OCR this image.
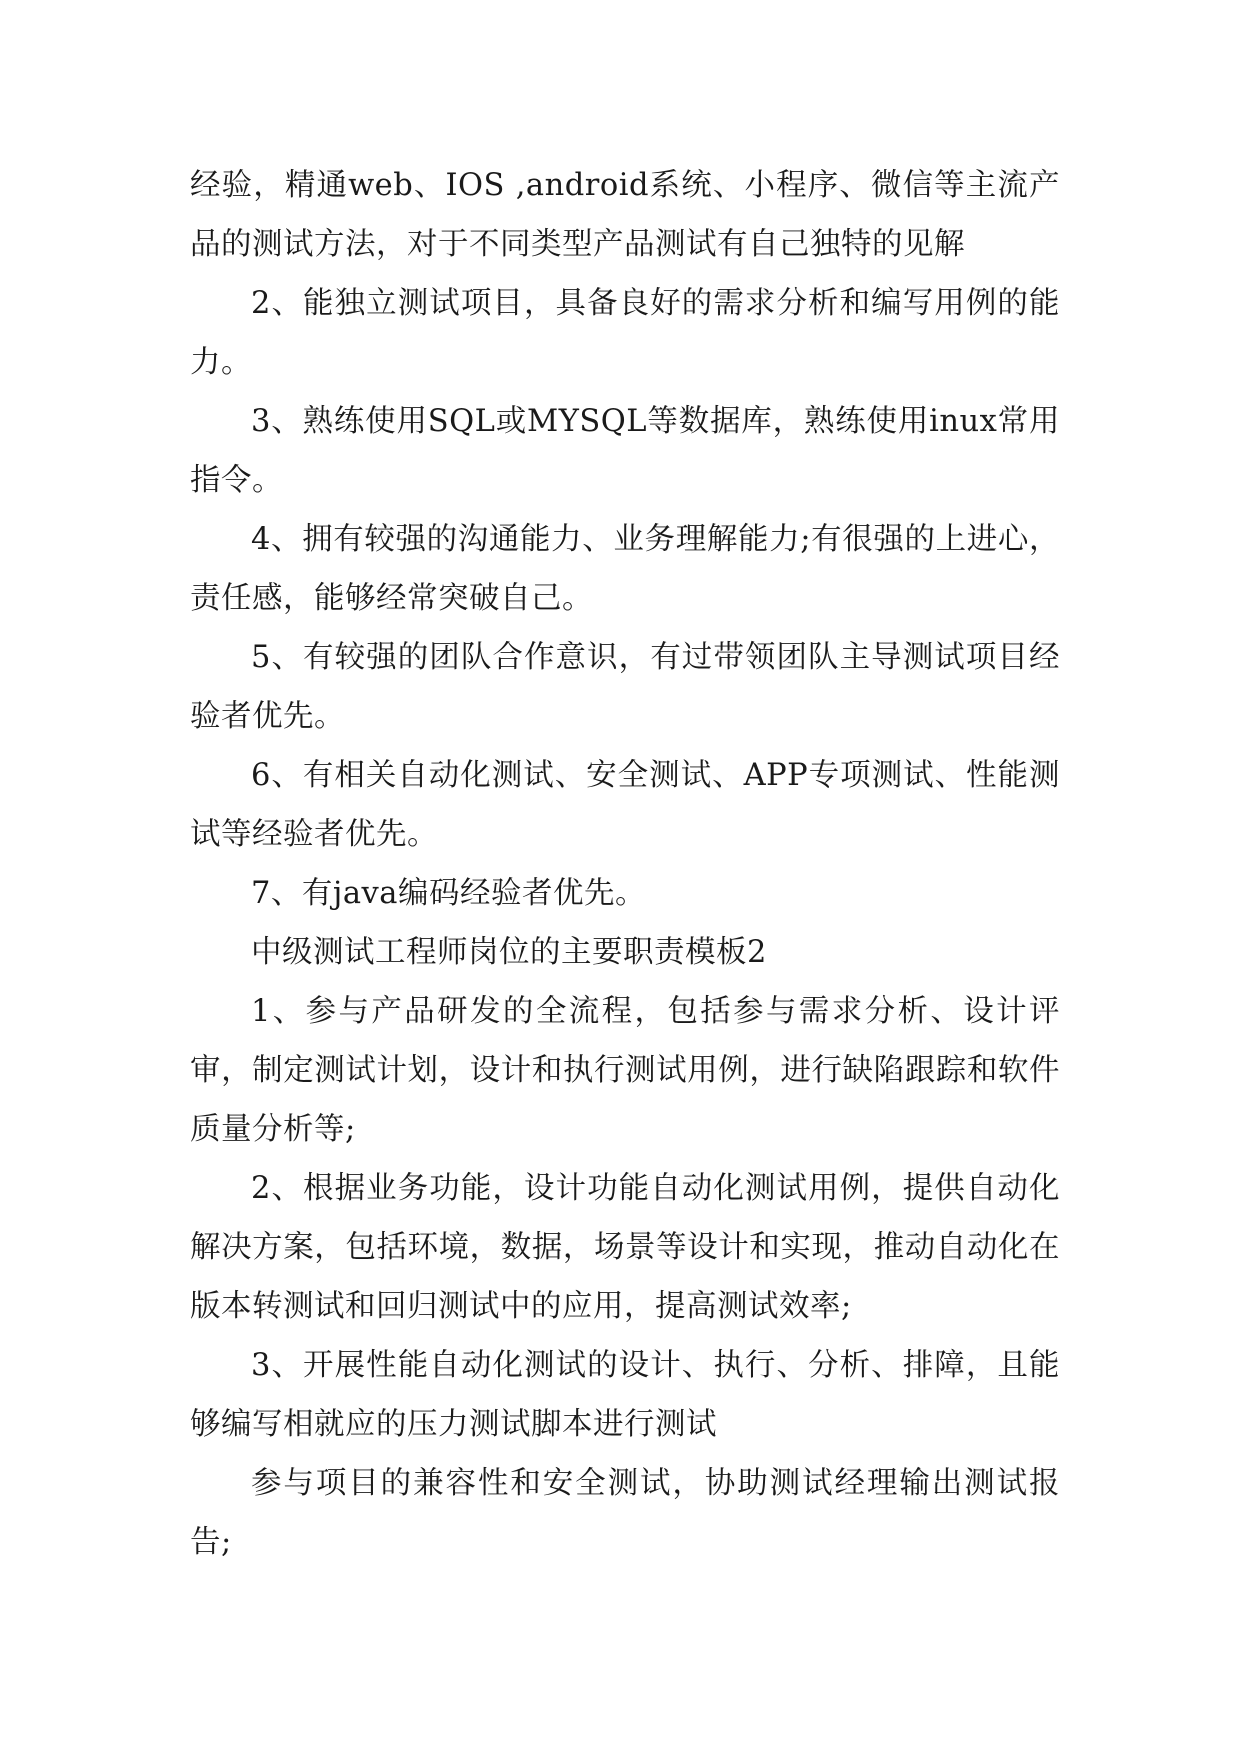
经验，精通web、IOS ,android系统、小程序、微信等主流产品的测试方法，对于不同类型产品测试有自己独特的见解

2、能独立测试项目，具备良好的需求分析和编写用例的能力。

3、熟练使用SQL或MYSQL等数据库，熟练使用inux常用指令。

4、拥有较强的沟通能力、业务理解能力;有很强的上进心，责任感，能够经常突破自己。

5、有较强的团队合作意识，有过带领团队主导测试项目经验者优先。

6、有相关自动化测试、安全测试、APP专项测试、性能测试等经验者优先。

7、有java编码经验者优先。

中级测试工程师岗位的主要职责模板2

1、参与产品研发的全流程，包括参与需求分析、设计评审，制定测试计划，设计和执行测试用例，进行缺陷跟踪和软件质量分析等;

2、根据业务功能，设计功能自动化测试用例，提供自动化解决方案，包括环境，数据，场景等设计和实现，推动自动化在版本转测试和回归测试中的应用，提高测试效率;

3、开展性能自动化测试的设计、执行、分析、排障，且能够编写相就应的压力测试脚本进行测试

参与项目的兼容性和安全测试，协助测试经理输出测试报告;
